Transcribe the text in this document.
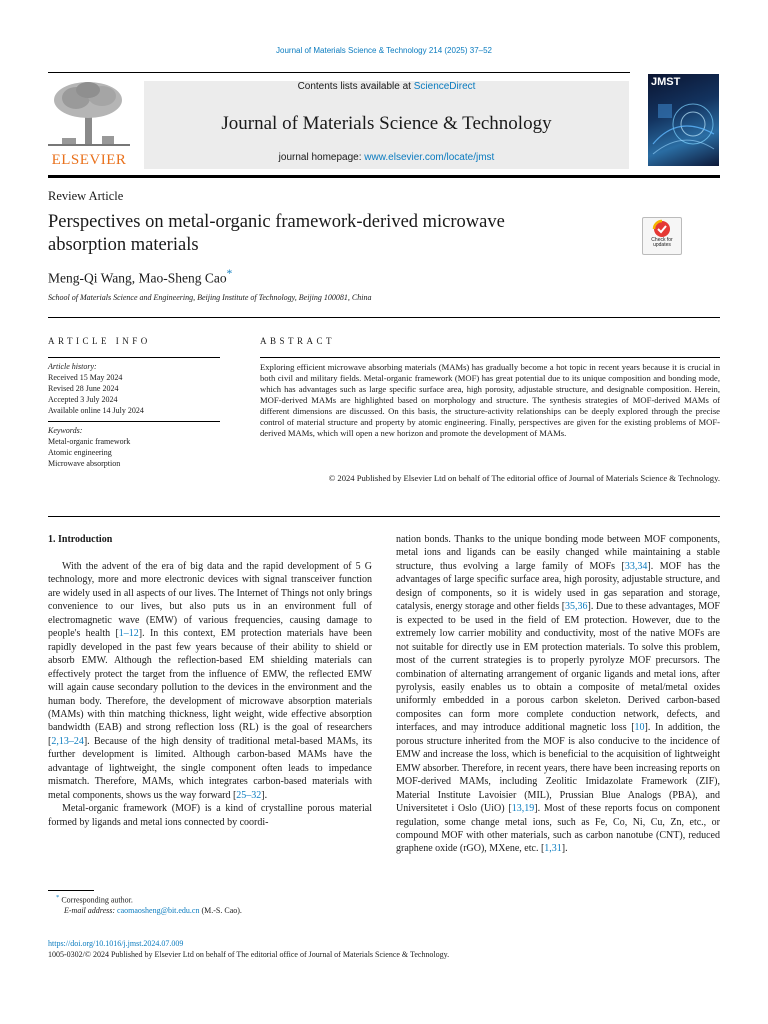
Journal of Materials Science & Technology 214 (2025) 37–52
ELSEVIER
Contents lists available at ScienceDirect
Journal of Materials Science & Technology
journal homepage: www.elsevier.com/locate/jmst
JMST
Review Article
Perspectives on metal-organic framework-derived microwave
absorption materials	Check for updates
Meng-Qi Wang, Mao-Sheng Cao*
School of Materials Science and Engineering, Beijing Institute of Technology, Beijing 100081, China
ARTICLE INFO
Article history:
Received 15 May 2024
Revised 28 June 2024
Accepted 3 July 2024
Available online 14 July 2024
Keywords:
Metal-organic framework
Atomic engineering
Microwave absorption
ABSTRACT
Exploring efficient microwave absorbing materials (MAMs) has gradually become a hot topic in recent years because it is crucial in both civil and military fields. Metal-organic framework (MOF) has great potential due to its unique composition and bonding mode, which has advantages such as large specific surface area, high porosity, adjustable structure, and designable composition. Herein, MOF-derived MAMs are highlighted based on morphology and structure. The synthesis strategies of MOF-derived MAMs of different dimensions are discussed. On this basis, the structure-activity relationships can be deeply explored through the precise control of material structure and property by atomic engineering. Finally, perspectives are given for the existing problems of MOF-derived MAMs, which will open a new horizon and promote the development of MAMs.
© 2024 Published by Elsevier Ltd on behalf of The editorial office of Journal of Materials Science & Technology.
1. Introduction

With the advent of the era of big data and the rapid development of 5 G technology, more and more electronic devices with signal transceiver function are widely used in all aspects of our lives. The Internet of Things not only brings convenience to our lives, but also puts us in an environment full of electromagnetic wave (EMW) of various frequencies, causing damage to people's health [1–12]. In this context, EM protection materials have been rapidly developed in the past few years because of their ability to shield or absorb EMW. Although the reflection-based EM shielding materials can effectively protect the target from the influence of EMW, the reflected EMW will again cause secondary pollution to the devices in the environment and the human body. Therefore, the development of microwave absorption materials (MAMs) with thin matching thickness, light weight, wide effective absorption bandwidth (EAB) and strong reflection loss (RL) is the goal of researchers [2,13–24]. Because of the high density of traditional metal-based MAMs, its further development is limited. Although carbon-based MAMs have the advantage of lightweight, the single component often leads to impedance mismatch. Therefore, MAMs, which integrates carbon-based materials with metal components, shows us the way forward [25–32].

Metal-organic framework (MOF) is a kind of crystalline porous material formed by ligands and metal ions connected by coordi-

nation bonds. Thanks to the unique bonding mode between MOF components, metal ions and ligands can be easily changed while maintaining a stable structure, thus evolving a large family of MOFs [33,34]. MOF has the advantages of large specific surface area, high porosity, adjustable structure, and design of components, so it is widely used in gas separation and storage, catalysis, energy storage and other fields [35,36]. Due to these advantages, MOF is expected to be used in the field of EM protection. However, due to the extremely low carrier mobility and conductivity, most of the native MOFs are not suitable for directly use in EM protection materials. To solve this problem, most of the current strategies is to properly pyrolyze MOF precursors. The combination of alternating arrangement of organic ligands and metal ions, after pyrolysis, easily enables us to obtain a composite of metal/metal oxides uniformly embedded in a porous carbon skeleton. Derived carbon-based composites can form more complete conduction network, defects, and interfaces, and may introduce additional magnetic loss [10]. In addition, the porous structure inherited from the MOF is also conducive to the incidence of EMW and increase the loss, which is beneficial to the acquisition of lightweight EMW absorber. Therefore, in recent years, there have been increasing reports on MOF-derived MAMs, including Zeolitic Imidazolate Framework (ZIF), Material Institute Lavoisier (MIL), Prussian Blue Analogs (PBA), and Universitetet i Oslo (UiO) [13,19]. Most of these reports focus on component regulation, some change metal ions, such as Fe, Co, Ni, Cu, Zn, etc., or compound MOF with other materials, such as carbon nanotube (CNT), reduced graphene oxide (rGO), MXene, etc. [1,31].

* Corresponding author.
E-mail address: caomaosheng@bit.edu.cn (M.-S. Cao).
https://doi.org/10.1016/j.jmst.2024.07.009
1005-0302/© 2024 Published by Elsevier Ltd on behalf of The editorial office of Journal of Materials Science & Technology.
